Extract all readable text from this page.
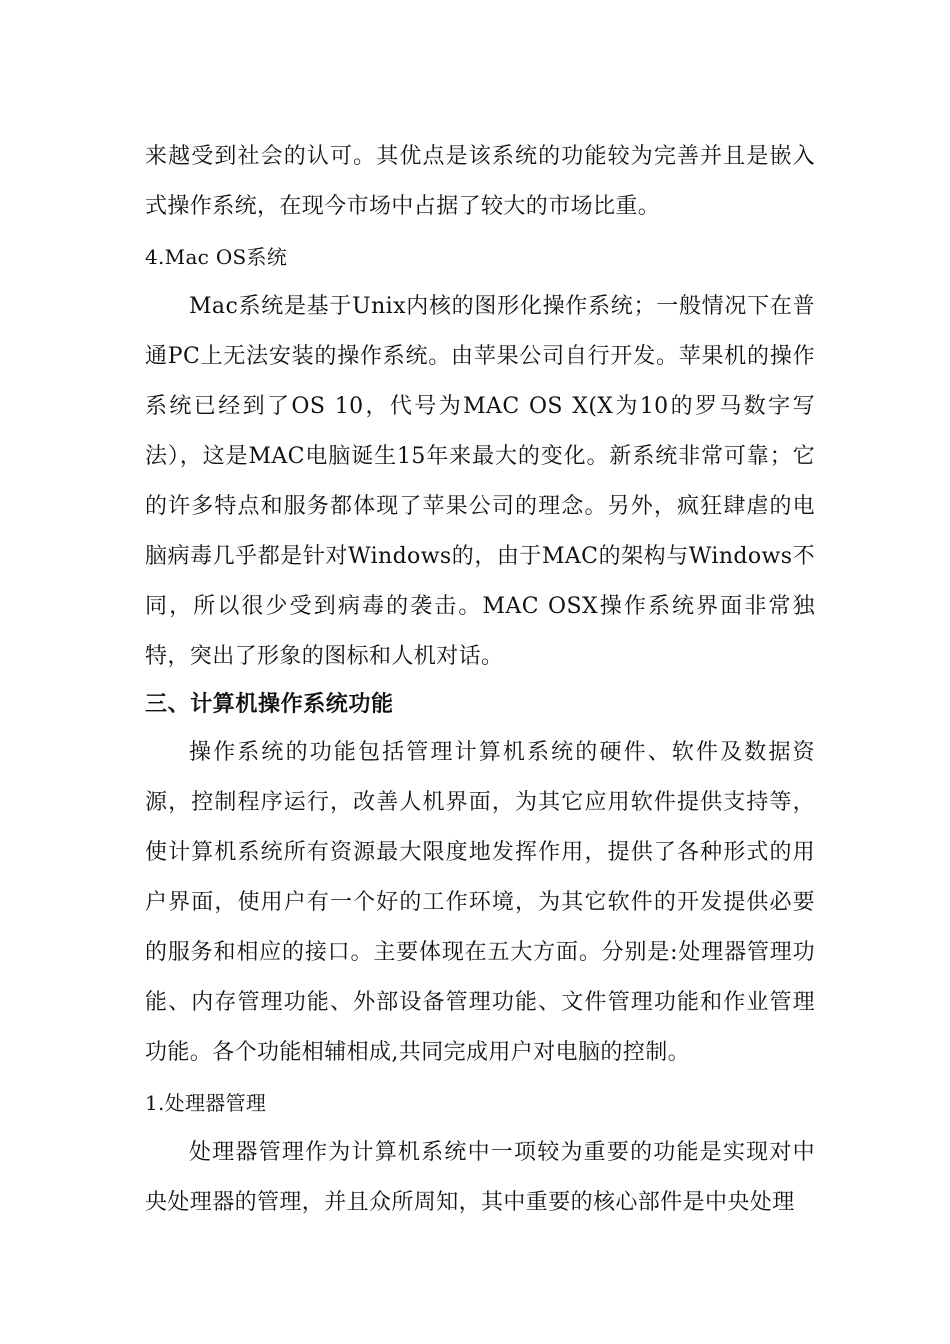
来越受到社会的认可。其优点是该系统的功能较为完善并且是嵌入式操作系统，在现今市场中占据了较大的市场比重。

4.Mac OS系统

Mac系统是基于Unix内核的图形化操作系统；一般情况下在普通PC上无法安装的操作系统。由苹果公司自行开发。苹果机的操作系统已经到了OS 10，代号为MAC OS X(X为10的罗马数字写法），这是MAC电脑诞生15年来最大的变化。新系统非常可靠；它的许多特点和服务都体现了苹果公司的理念。另外，疯狂肆虐的电脑病毒几乎都是针对Windows的，由于MAC的架构与Windows不同，所以很少受到病毒的袭击。MAC OSX操作系统界面非常独特，突出了形象的图标和人机对话。

三、计算机操作系统功能

操作系统的功能包括管理计算机系统的硬件、软件及数据资源，控制程序运行，改善人机界面，为其它应用软件提供支持等，使计算机系统所有资源最大限度地发挥作用，提供了各种形式的用户界面，使用户有一个好的工作环境，为其它软件的开发提供必要的服务和相应的接口。主要体现在五大方面。分别是:处理器管理功能、内存管理功能、外部设备管理功能、文件管理功能和作业管理功能。各个功能相辅相成,共同完成用户对电脑的控制。

1.处理器管理

处理器管理作为计算机系统中一项较为重要的功能是实现对中央处理器的管理，并且众所周知，其中重要的核心部件是中央处理
